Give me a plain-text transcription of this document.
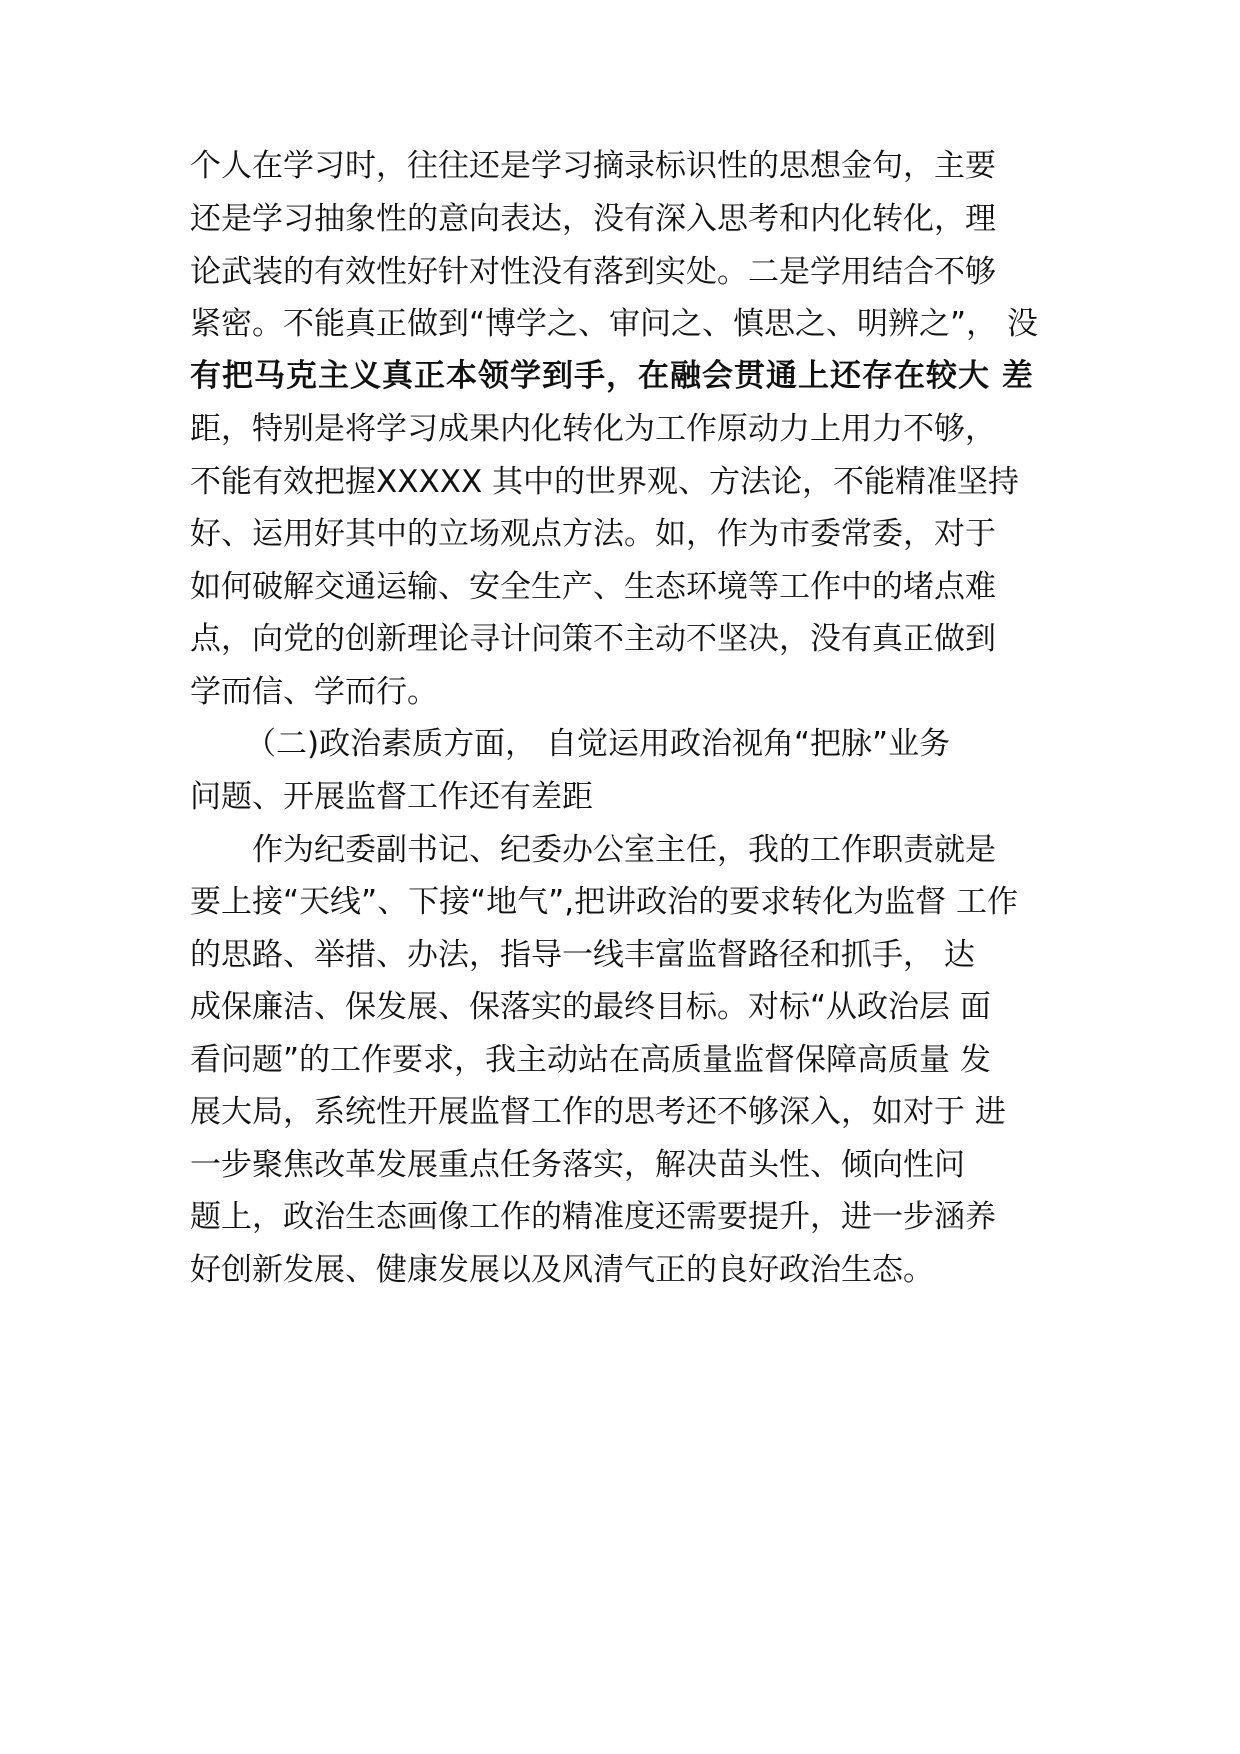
个人在学习时，往往还是学习摘录标识性的思想金句，主要
还是学习抽象性的意向表达，没有深入思考和内化转化，理
论武装的有效性好针对性没有落到实处。二是学用结合不够
紧密。不能真正做到“博学之、审问之、慎思之、明辨之”， 没
有把马克主义真正本领学到手，在融会贯通上还存在较大 差
距，特别是将学习成果内化转化为工作原动力上用力不够，
不能有效把握XXXXX 其中的世界观、方法论，不能精准坚持
好、运用好其中的立场观点方法。如，作为市委常委，对于
如何破解交通运输、安全生产、生态环境等工作中的堵点难
点，向党的创新理论寻计问策不主动不坚决，没有真正做到
学而信、学而行。
（二)政治素质方面， 自觉运用政治视角“把脉”业务
问题、开展监督工作还有差距
作为纪委副书记、纪委办公室主任，我的工作职责就是
要上接“天线”、下接“地气”,把讲政治的要求转化为监督 工作
的思路、举措、办法，指导一线丰富监督路径和抓手， 达
成保廉洁、保发展、保落实的最终目标。对标“从政治层 面
看问题”的工作要求，我主动站在高质量监督保障高质量 发
展大局，系统性开展监督工作的思考还不够深入，如对于 进
一步聚焦改革发展重点任务落实，解决苗头性、倾向性问
题上，政治生态画像工作的精准度还需要提升，进一步涵养
好创新发展、健康发展以及风清气正的良好政治生态。
